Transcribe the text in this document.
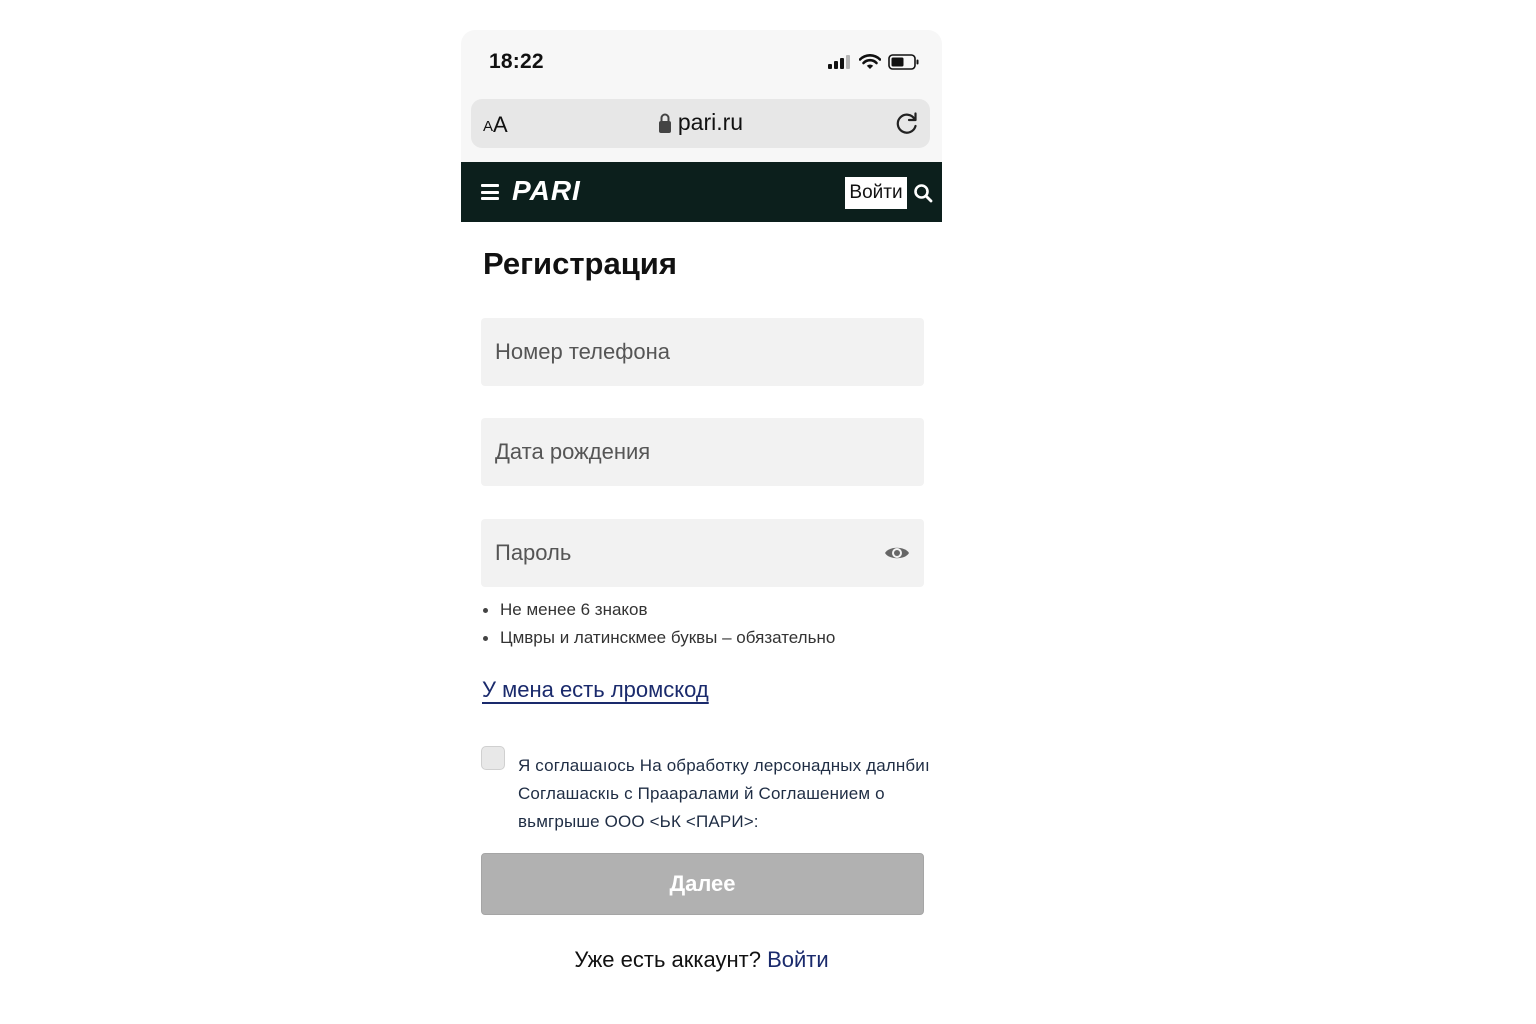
18:22
A A	pari.ru
PARI	Войти
Регистрация
Номер телефона
Дата рождения
Не менее 6 знаков
Цмвры и латинскмее буквы – обязательно
У мена есть лромскод
Я соглашаıось На обработку лерсонадных далнбиı Соглашаскıь с Прааралами й Соглашением о вьмгрыше ООО <ЬК <ПАРИ>:
Далее
Уже есть аккаунт? Войти
